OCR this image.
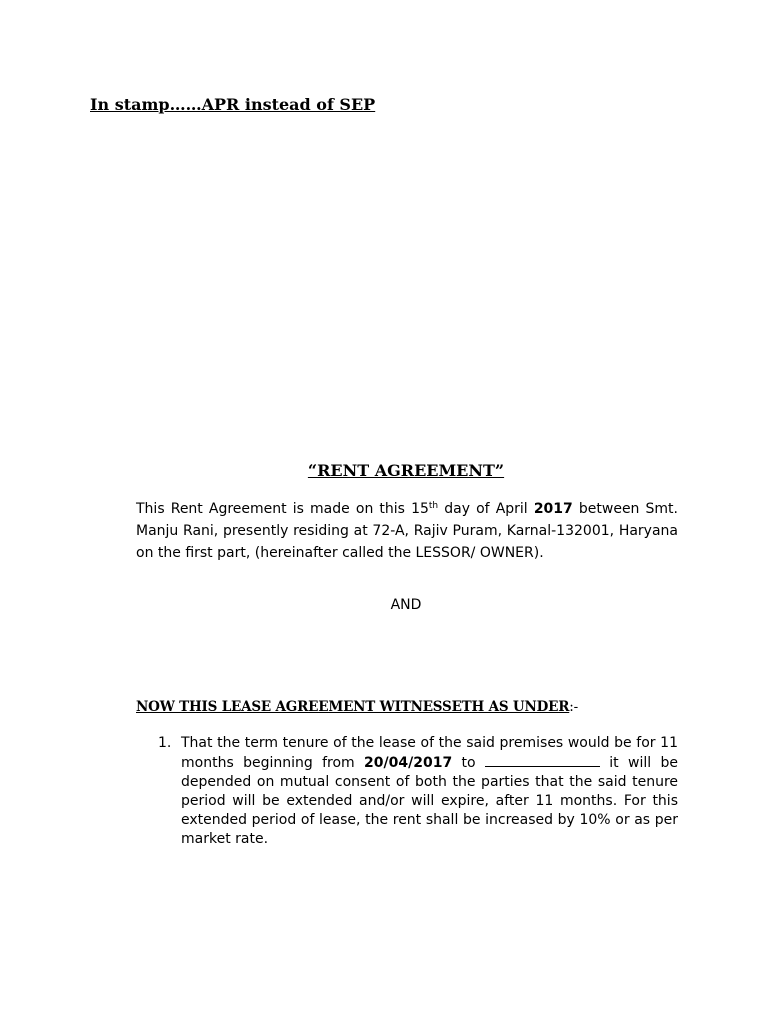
In stamp……APR instead of SEP
“RENT AGREEMENT”
This Rent Agreement is made on this 15th day of April 2017 between Smt. Manju Rani, presently residing at 72-A, Rajiv Puram, Karnal-132001, Haryana on the first part, (hereinafter called the LESSOR/ OWNER).
AND
NOW THIS LEASE AGREEMENT WITNESSETH AS UNDER:-
1. That the term tenure of the lease of the said premises would be for 11 months beginning from 20/04/2017 to	it will be depended on mutual consent of both the parties that the said tenure period will be extended and/or will expire, after 11 months. For this extended period of lease, the rent shall be increased by 10% or as per market rate.
